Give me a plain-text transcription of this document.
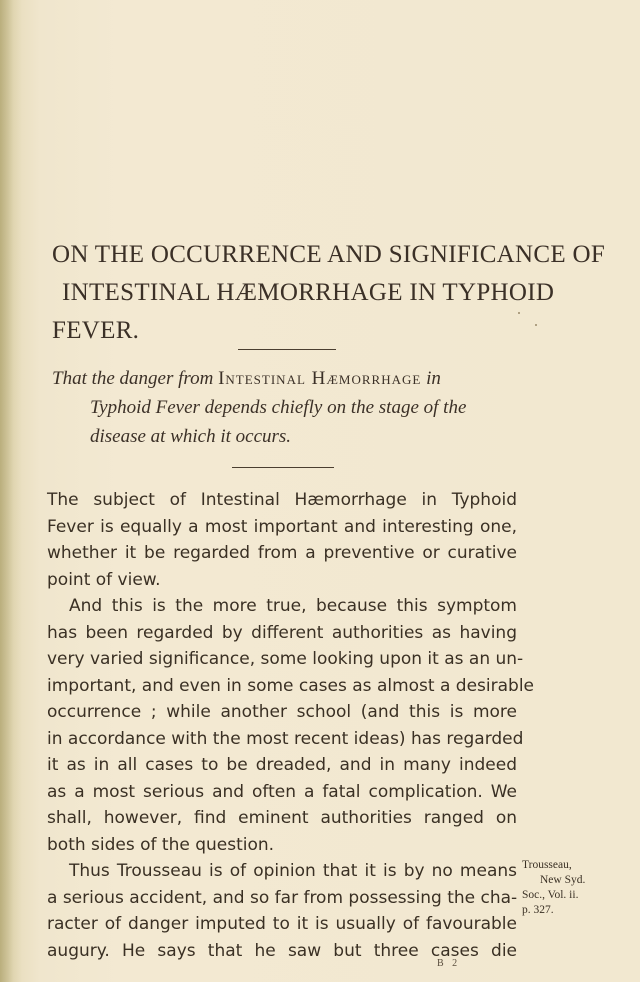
ON THE OCCURRENCE AND SIGNIFICANCE OF
INTESTINAL HÆMORRHAGE IN TYPHOID
FEVER.
That the danger from Intestinal Hæmorrhage in
Typhoid Fever depends chiefly on the stage of the
disease at which it occurs.
The subject of Intestinal Hæmorrhage in Typhoid
Fever is equally a most important and interesting one,
whether it be regarded from a preventive or curative
point of view.
And this is the more true, because this symptom
has been regarded by different authorities as having
very varied significance, some looking upon it as an un-
important, and even in some cases as almost a desirable
occurrence ; while another school (and this is more
in accordance with the most recent ideas) has regarded
it as in all cases to be dreaded, and in many indeed
as a most serious and often a fatal complication. We
shall, however, find eminent authorities ranged on
both sides of the question.
Thus Trousseau is of opinion that it is by no means
a serious accident, and so far from possessing the cha-
racter of danger imputed to it is usually of favourable
augury. He says that he saw but three cases die
Trousseau,
New Syd.
Soc., Vol. ii.
p. 327.
B 2
